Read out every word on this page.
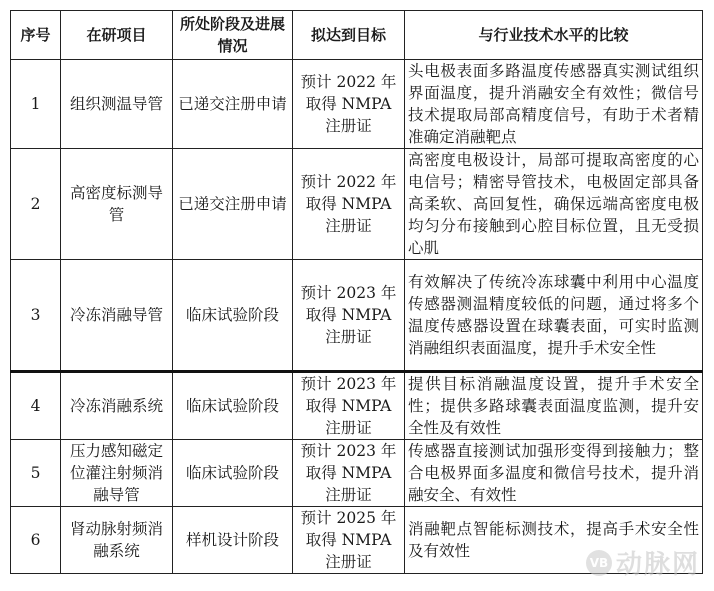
序号	在研项目	所处阶段及进展情况	拟达到目标	与行业技术水平的比较
1	组织测温导管	已递交注册申请	预计 2022 年取得 NMPA 注册证	头电极表面多路温度传感器真实测试组织界面温度，提升消融安全有效性；微信号技术提取局部高精度信号，有助于术者精准确定消融靶点
2	高密度标测导管	已递交注册申请	预计 2022 年取得 NMPA 注册证	高密度电极设计，局部可提取高密度的心电信号；精密导管技术，电极固定部具备高柔软、高回复性，确保远端高密度电极均匀分布接触到心腔目标位置，且无受损心肌
3	冷冻消融导管	临床试验阶段	预计 2023 年取得 NMPA 注册证	有效解决了传统冷冻球囊中利用中心温度传感器测温精度较低的问题，通过将多个温度传感器设置在球囊表面，可实时监测消融组织表面温度，提升手术安全性
4	冷冻消融系统	临床试验阶段	预计 2023 年取得 NMPA 注册证	提供目标消融温度设置，提升手术安全性；提供多路球囊表面温度监测，提升安全性及有效性
5	压力感知磁定位灌注射频消融导管	临床试验阶段	预计 2023 年取得 NMPA 注册证	传感器直接测试加强形变得到接触力；整合电极界面多温度和微信号技术，提升消融安全、有效性
6	肾动脉射频消融系统	样机设计阶段	预计 2025 年取得 NMPA 注册证	消融靶点智能标测技术，提高手术安全性及有效性
VB 动脉网
